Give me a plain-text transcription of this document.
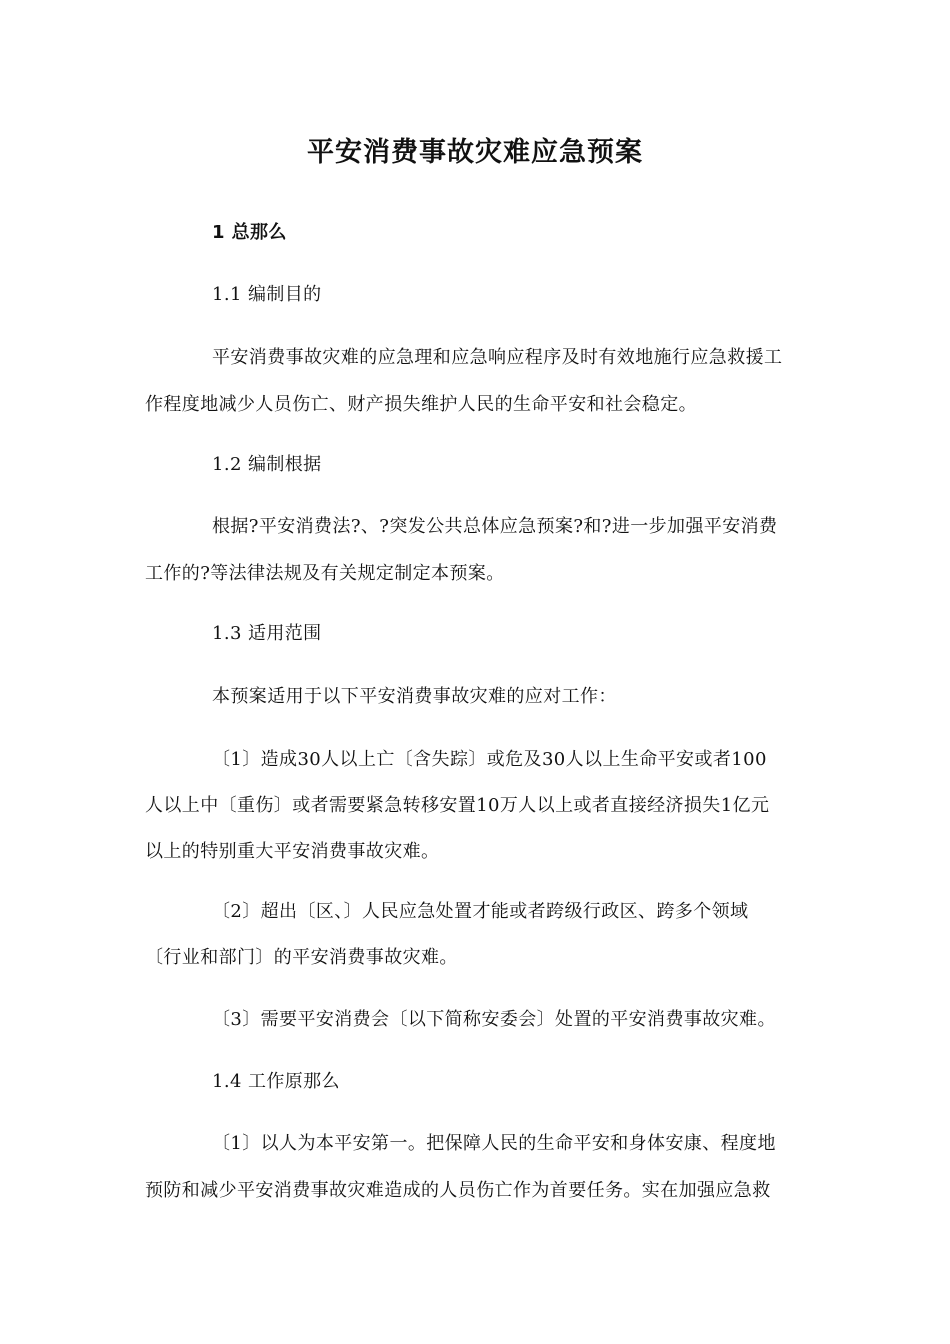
平安消费事故灾难应急预案
1 总那么
1.1 编制目的
平安消费事故灾难的应急理和应急响应程序及时有效地施行应急救援工
作程度地减少人员伤亡、财产损失维护人民的生命平安和社会稳定。
1.2 编制根据
根据?平安消费法?、?突发公共总体应急预案?和?进一步加强平安消费
工作的?等法律法规及有关规定制定本预案。
1.3 适用范围
本预案适用于以下平安消费事故灾难的应对工作：
〔1〕造成30人以上亡〔含失踪〕或危及30人以上生命平安或者100
人以上中〔重伤〕或者需要紧急转移安置10万人以上或者直接经济损失1亿元
以上的特别重大平安消费事故灾难。
〔2〕超出〔区、〕人民应急处置才能或者跨级行政区、跨多个领域
〔行业和部门〕的平安消费事故灾难。
〔3〕需要平安消费会〔以下简称安委会〕处置的平安消费事故灾难。
1.4 工作原那么
〔1〕以人为本平安第一。把保障人民的生命平安和身体安康、程度地
预防和减少平安消费事故灾难造成的人员伤亡作为首要任务。实在加强应急救
